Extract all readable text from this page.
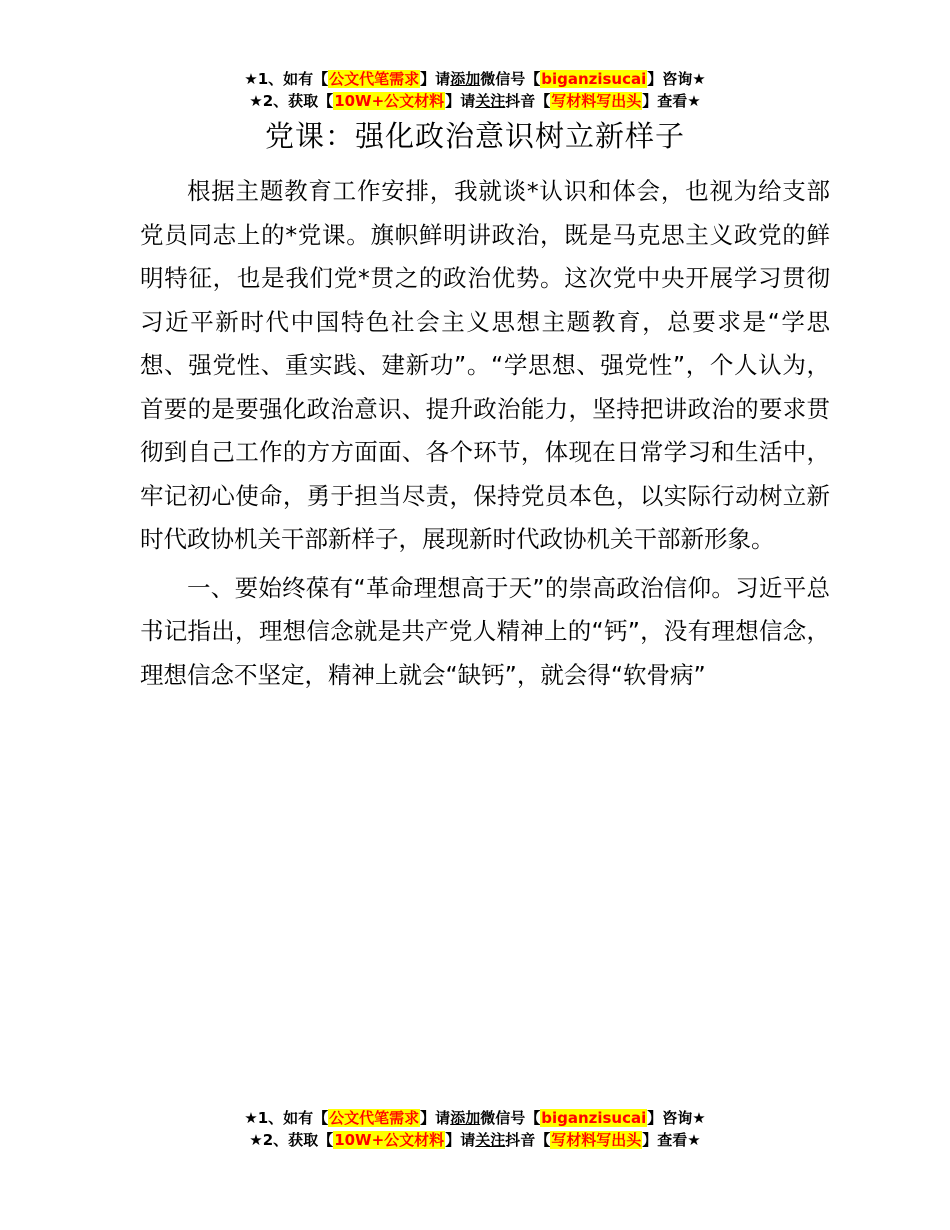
★1、如有【公文代笔需求】请添加微信号【biganzisucai】咨询★
★2、获取【10W+公文材料】请关注抖音【写材料写出头】查看★
党课：强化政治意识树立新样子

根据主题教育工作安排，我就谈*认识和体会，也视为给支部党员同志上的*党课。旗帜鲜明讲政治，既是马克思主义政党的鲜明特征，也是我们党*贯之的政治优势。这次党中央开展学习贯彻习近平新时代中国特色社会主义思想主题教育，总要求是“学思想、强党性、重实践、建新功”。“学思想、强党性”，个人认为，首要的是要强化政治意识、提升政治能力，坚持把讲政治的要求贯彻到自己工作的方方面面、各个环节，体现在日常学习和生活中，牢记初心使命，勇于担当尽责，保持党员本色，以实际行动树立新时代政协机关干部新样子，展现新时代政协机关干部新形象。

一、要始终葆有“革命理想高于天”的崇高政治信仰。习近平总书记指出，理想信念就是共产党人精神上的“钙”，没有理想信念，理想信念不坚定，精神上就会“缺钙”，就会得“软骨病”

★1、如有【公文代笔需求】请添加微信号【biganzisucai】咨询★
★2、获取【10W+公文材料】请关注抖音【写材料写出头】查看★
